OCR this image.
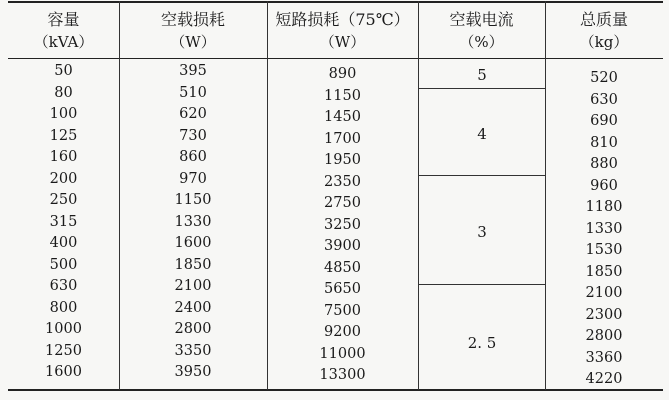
容量
（kVA）
空载损耗
（W）
短路损耗（75℃）
（W）
空载电流
（%）
总质量
（kg）
50
80
100
125
160
200
250
315
400
500
630
800
1000
1250
1600
395
510
620
730
860
970
1150
1330
1600
1850
2100
2400
2800
3350
3950
890
1150
1450
1700
1950
2350
2750
3250
3900
4850
5650
7500
9200
11000
13300
5
4
3
2. 5
520
630
690
810
880
960
1180
1330
1530
1850
2100
2300
2800
3360
4220
